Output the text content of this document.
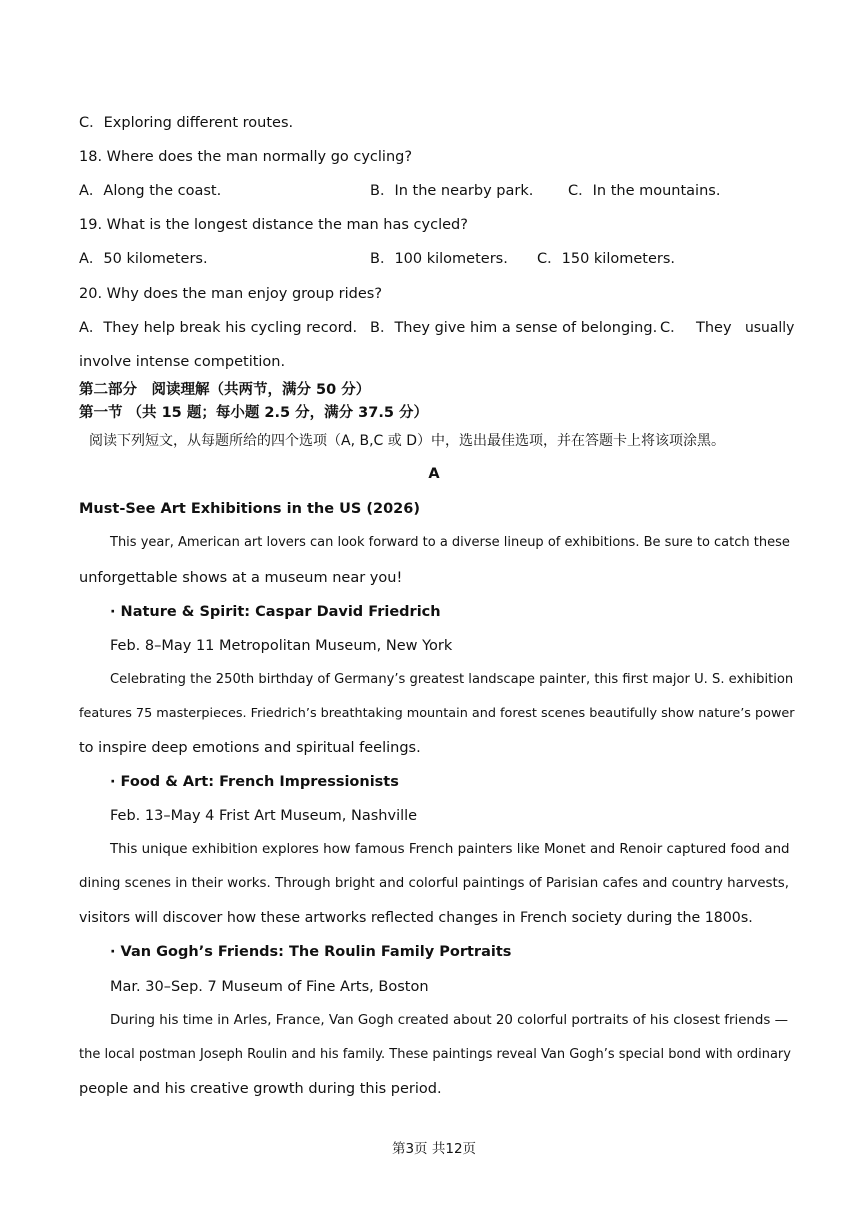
C．Exploring different routes.
18. Where does the man normally go cycling?
A．Along the coast.	B．In the nearby park. C．In the mountains.
19. What is the longest distance the man has cycled?
A．50 kilometers.	B．100 kilometers. C．150 kilometers.
20. Why does the man enjoy group rides?
A．They help break his cycling record. B．They give him a sense of belonging. C． They usually
involve intense competition.
第二部分　阅读理解（共两节，满分 50 分）
第一节 （共 15 题；每小题 2.5 分，满分 37.5 分）
阅读下列短文，从每题所给的四个选项（A, B,C 或 D）中，选出最佳选项，并在答题卡上将该项涂黑。
A
Must-See Art Exhibitions in the US (2026)
This year, American art lovers can look forward to a diverse lineup of exhibitions. Be sure to catch these
unforgettable shows at a museum near you!
· Nature & Spirit: Caspar David Friedrich
Feb. 8–May 11 Metropolitan Museum, New York
Celebrating the 250th birthday of Germany’s greatest landscape painter, this first major U. S. exhibition
features 75 masterpieces. Friedrich’s breathtaking mountain and forest scenes beautifully show nature’s power
to inspire deep emotions and spiritual feelings.
· Food & Art: French Impressionists
Feb. 13–May 4 Frist Art Museum, Nashville
This unique exhibition explores how famous French painters like Monet and Renoir captured food and
dining scenes in their works. Through bright and colorful paintings of Parisian cafes and country harvests,
visitors will discover how these artworks reflected changes in French society during the 1800s.
· Van Gogh’s Friends: The Roulin Family Portraits
Mar. 30–Sep. 7 Museum of Fine Arts, Boston
During his time in Arles, France, Van Gogh created about 20 colorful portraits of his closest friends —
the local postman Joseph Roulin and his family. These paintings reveal Van Gogh’s special bond with ordinary
people and his creative growth during this period.
第3页 共12页
